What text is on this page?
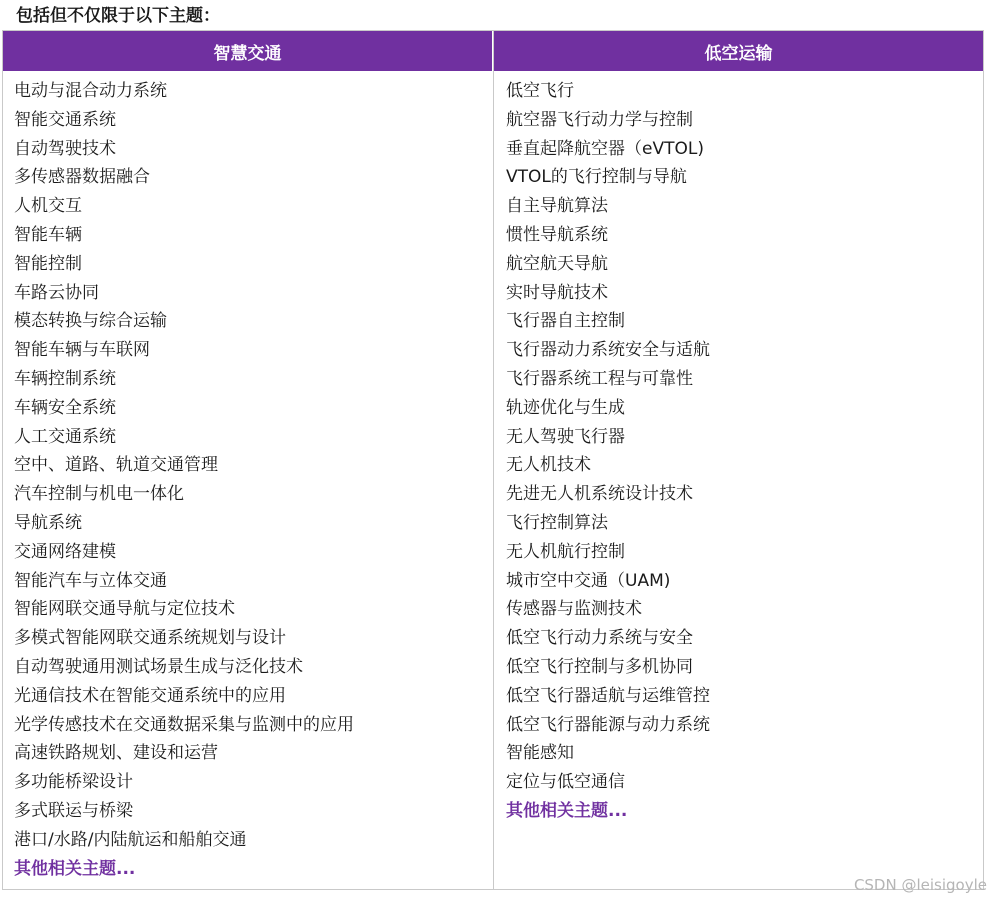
包括但不仅限于以下主题：
智慧交通
电动与混合动力系统
智能交通系统
自动驾驶技术
多传感器数据融合
人机交互
智能车辆
智能控制
车路云协同
模态转换与综合运输
智能车辆与车联网
车辆控制系统
车辆安全系统
人工交通系统
空中、道路、轨道交通管理
汽车控制与机电一体化
导航系统
交通网络建模
智能汽车与立体交通
智能网联交通导航与定位技术
多模式智能网联交通系统规划与设计
自动驾驶通用测试场景生成与泛化技术
光通信技术在智能交通系统中的应用
光学传感技术在交通数据采集与监测中的应用
高速铁路规划、建设和运营
多功能桥梁设计
多式联运与桥梁
港口/水路/内陆航运和船舶交通
其他相关主题...
低空运输
低空飞行
航空器飞行动力学与控制
垂直起降航空器（eVTOL)
VTOL的飞行控制与导航
自主导航算法
惯性导航系统
航空航天导航
实时导航技术
飞行器自主控制
飞行器动力系统安全与适航
飞行器系统工程与可靠性
轨迹优化与生成
无人驾驶飞行器
无人机技术
先进无人机系统设计技术
飞行控制算法
无人机航行控制
城市空中交通（UAM)
传感器与监测技术
低空飞行动力系统与安全
低空飞行控制与多机协同
低空飞行器适航与运维管控
低空飞行器能源与动力系统
智能感知
定位与低空通信
其他相关主题...
CSDN @leisigoyle
